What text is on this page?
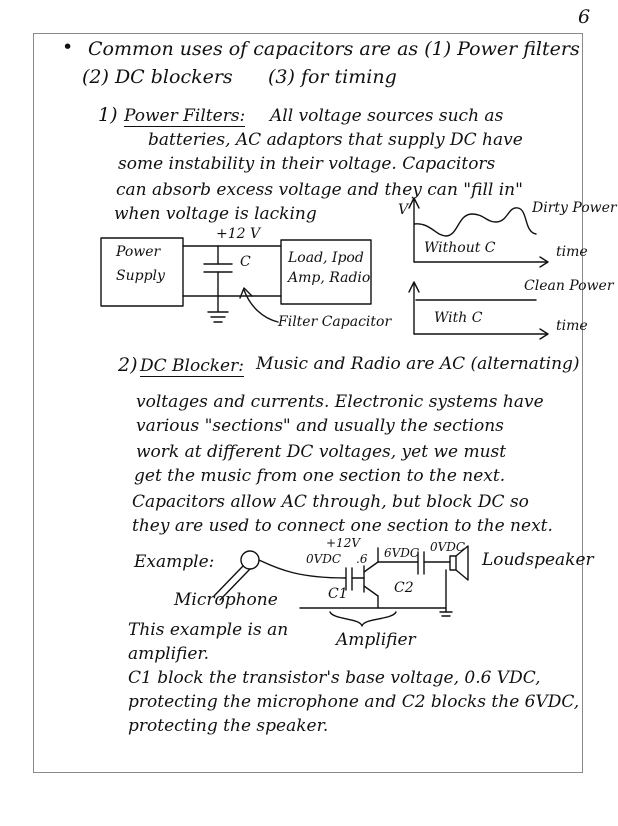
6
• Common uses of capacitors are as (1) Power filters
(2) DC blockers (3) for timing
1) Power Filters: All voltage sources such as
batteries, AC adaptors that supply DC have
some instability in their voltage. Capacitors
can absorb excess voltage and they can "fill in"
when voltage is lacking
Power
Supply
+12 V
C	Load, Ipod
Amp, Radio
Filter Capacitor
V	Dirty Power
Without C	time
Clean Power
With C	time
2) DC Blocker: Music and Radio are AC (alternating)
voltages and currents. Electronic systems have
various "sections" and usually the sections
work at different DC voltages, yet we must
get the music from one section to the next.
Capacitors allow AC through, but block DC so
they are used to connect one section to the next.
Example:
+12V
0VDC .6 6VDC 0VDC
Loudspeaker
C1	C2
Microphone
Amplifier
This example is an
amplifier.
C1 block the transistor's base voltage, 0.6 VDC,
protecting the microphone and C2 blocks the 6VDC,
protecting the speaker.
